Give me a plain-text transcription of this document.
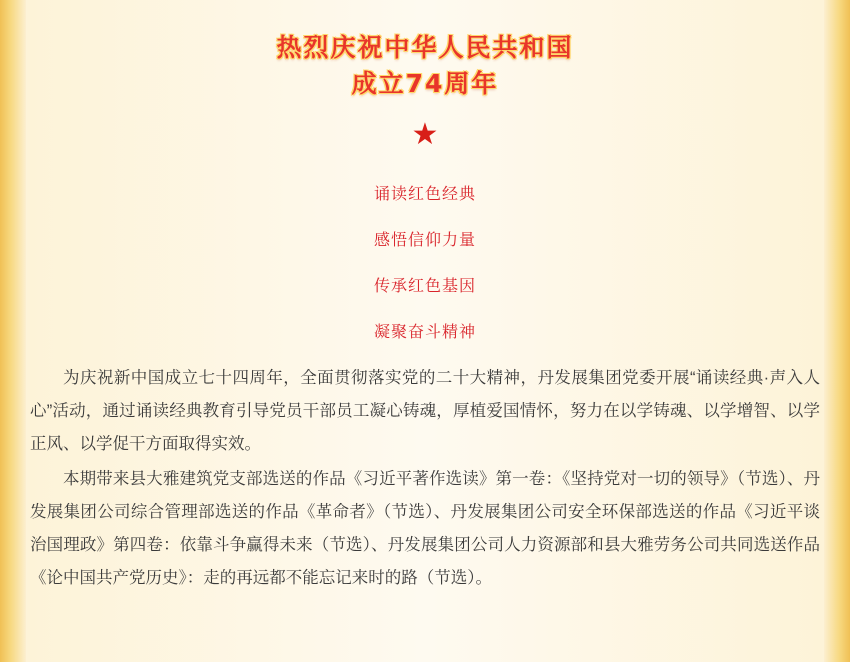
热烈庆祝中华人民共和国
成立74周年
★
诵读红色经典
感悟信仰力量
传承红色基因
凝聚奋斗精神

为庆祝新中国成立七十四周年，全面贯彻落实党的二十大精神，丹发展集团党委开展“诵读经典·声入人心”活动，通过诵读经典教育引导党员干部员工凝心铸魂，厚植爱国情怀，努力在以学铸魂、以学增智、以学正风、以学促干方面取得实效。

本期带来县大雅建筑党支部选送的作品《习近平著作选读》第一卷：《坚持党对一切的领导》（节选）、丹发展集团公司综合管理部选送的作品《革命者》（节选）、丹发展集团公司安全环保部选送的作品《习近平谈治国理政》第四卷：依靠斗争赢得未来（节选）、丹发展集团公司人力资源部和县大雅劳务公司共同选送作品《论中国共产党历史》：走的再远都不能忘记来时的路（节选）。
